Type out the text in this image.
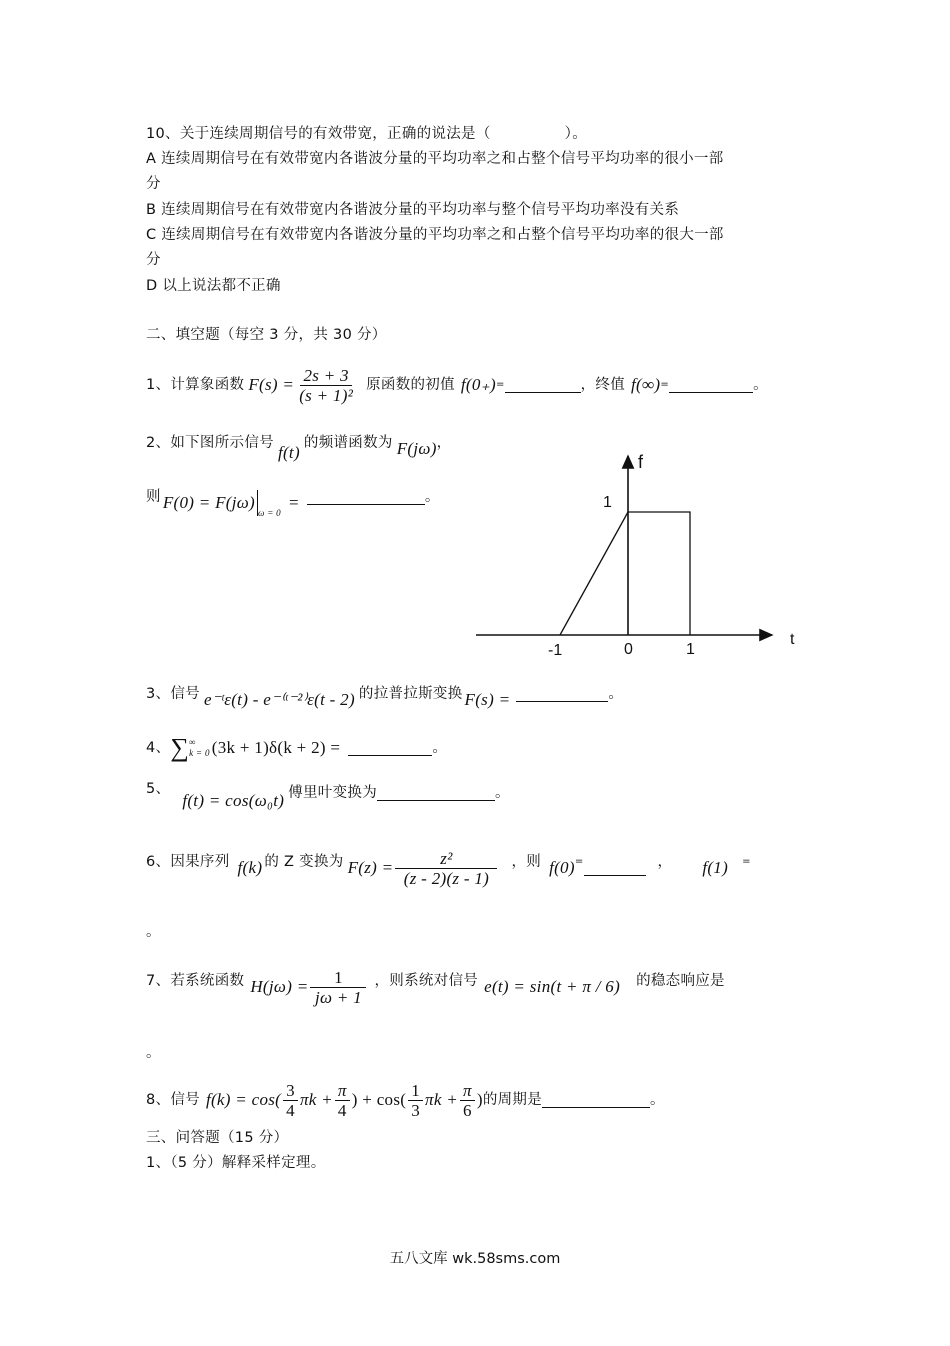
10、关于连续周期信号的有效带宽，正确的说法是（　　　　　）。
A 连续周期信号在有效带宽内各谐波分量的平均功率之和占整个信号平均功率的很小一部
分
B 连续周期信号在有效带宽内各谐波分量的平均功率与整个信号平均功率没有关系
C 连续周期信号在有效带宽内各谐波分量的平均功率之和占整个信号平均功率的很大一部
分
D 以上说法都不正确
二、填空题（每空 3 分，共 30 分）
1、计算象函数 $F(s) = \frac{2s + 3}{\text{(s + 1)²}}$ 原函数的初值 f(0₊) =	，终值 f(∞) =	。
2、如下图所示信号 f(t) 的频谱函数为 F(jω) ，
则 F(0) = F(jω)
ω = 0
=	。
f
t
1
-1	0	1
3、信号 e⁻ᵗε(t) - e⁻⁽ᵗ⁻²⁾ε(t - 2) 的拉普拉斯变换 F(s) =	。
4、 ∑ ∞
k = 0 (3k + 1)δ(k + 2) =	。
5、
f(t) = cos(ω₀t) 傅里叶变换为	。
6、因果序列 f(k) 的 Z 变换为 $F(z) = \frac{\text{z²}}{(z - 2)(z - 1)}$ ，则 f(0) =	， f(1) =
。
7、若系统函数 $H(j\omega) = \frac{1}{j\omega + 1}$ ，则系统对信号 e(t) = sin(t + π / 6) 的稳态响应是
。
8、信号 $f(k) = \cos( \frac{3}{4}$ $\pi k + \frac{\pi}{4}$ ) + $\cos( \frac{1}{3}$ $\pi k + \frac{\pi}{6}$ ) 的周期是	。
三、问答题（15 分）
1、（5 分）解释采样定理。
五八文库 wk.58sms.com
